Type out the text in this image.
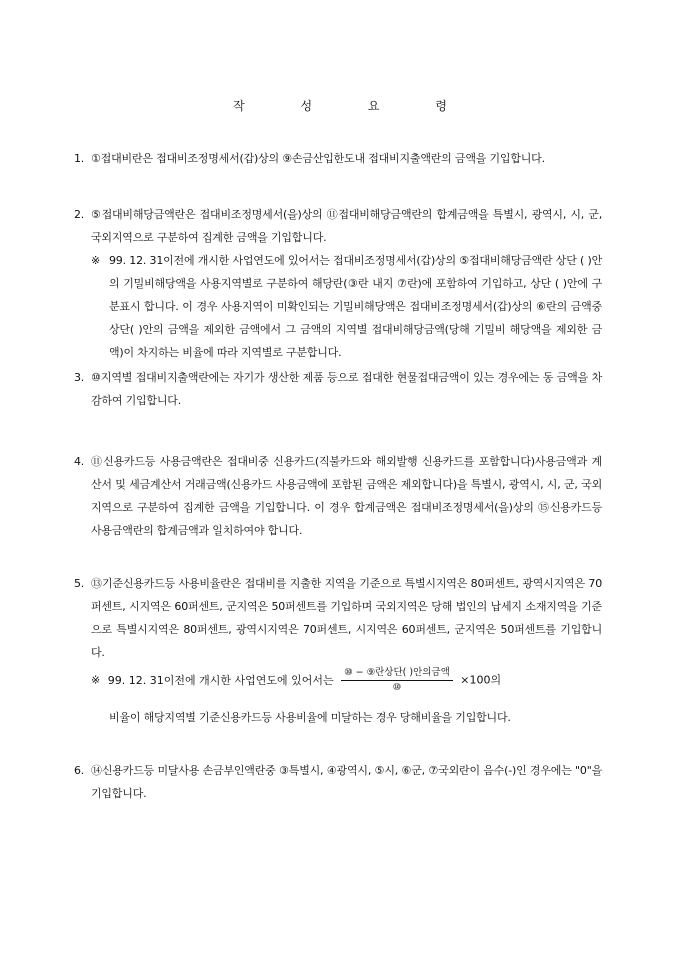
작 성 요 령
1. ①접대비란은 접대비조정명세서(갑)상의 ⑨손금산입한도내 접대비지출액란의 금액을 기입합니다.
2. ⑤접대비해당금액란은 접대비조정명세서(을)상의 ⑪접대비해당금액란의 합계금액을 특별시, 광역시, 시, 군, 국외지역으로 구분하여 집계한 금액을 기입합니다.
※ 99. 12. 31이전에 개시한 사업연도에 있어서는 접대비조정명세서(갑)상의 ⑤접대비해당금액란 상단 ( )안의 기밀비해당액을 사용지역별로 구분하여 해당란(③란 내지 ⑦란)에 포함하여 기입하고, 상단 ( )안에 구분표시 합니다. 이 경우 사용지역이 미확인되는 기밀비해당액은 접대비조정명세서(갑)상의 ⑥란의 금액중 상단( )안의 금액을 제외한 금액에서 그 금액의 지역별 접대비해당금액(당해 기밀비 해당액을 제외한 금액)이 차지하는 비율에 따라 지역별로 구분합니다.
3. ⑩지역별 접대비지출액란에는 자기가 생산한 제품 등으로 접대한 현물접대금액이 있는 경우에는 동 금액을 차감하여 기입합니다.
4. ⑪신용카드등 사용금액란은 접대비중 신용카드(직불카드와 해외발행 신용카드를 포함합니다)사용금액과 계산서 및 세금계산서 거래금액(신용카드 사용금액에 포함된 금액은 제외합니다)을 특별시, 광역시, 시, 군, 국외지역으로 구분하여 집계한 금액을 기입합니다. 이 경우 합계금액은 접대비조정명세서(을)상의 ⑮신용카드등 사용금액란의 합계금액과 일치하여야 합니다.
5. ⑬기준신용카드등 사용비율란은 접대비를 지출한 지역을 기준으로 특별시지역은 80퍼센트, 광역시지역은 70퍼센트, 시지역은 60퍼센트, 군지역은 50퍼센트를 기입하며 국외지역은 당해 법인의 납세지 소재지역을 기준으로 특별시지역은 80퍼센트, 광역시지역은 70퍼센트, 시지역은 60퍼센트, 군지역은 50퍼센트를 기입합니다.
※ 99. 12. 31이전에 개시한 사업연도에 있어서는 $\frac{\text{⑩ − ⑨란상단( )안의금액}}{\text{⑩}} \times 100$의
비율이 해당지역별 기준신용카드등 사용비율에 미달하는 경우 당해비율을 기입합니다.
6. ⑭신용카드등 미달사용 손금부인액란중 ③특별시, ④광역시, ⑤시, ⑥군, ⑦국외란이 음수(-)인 경우에는 "0"을 기입합니다.
